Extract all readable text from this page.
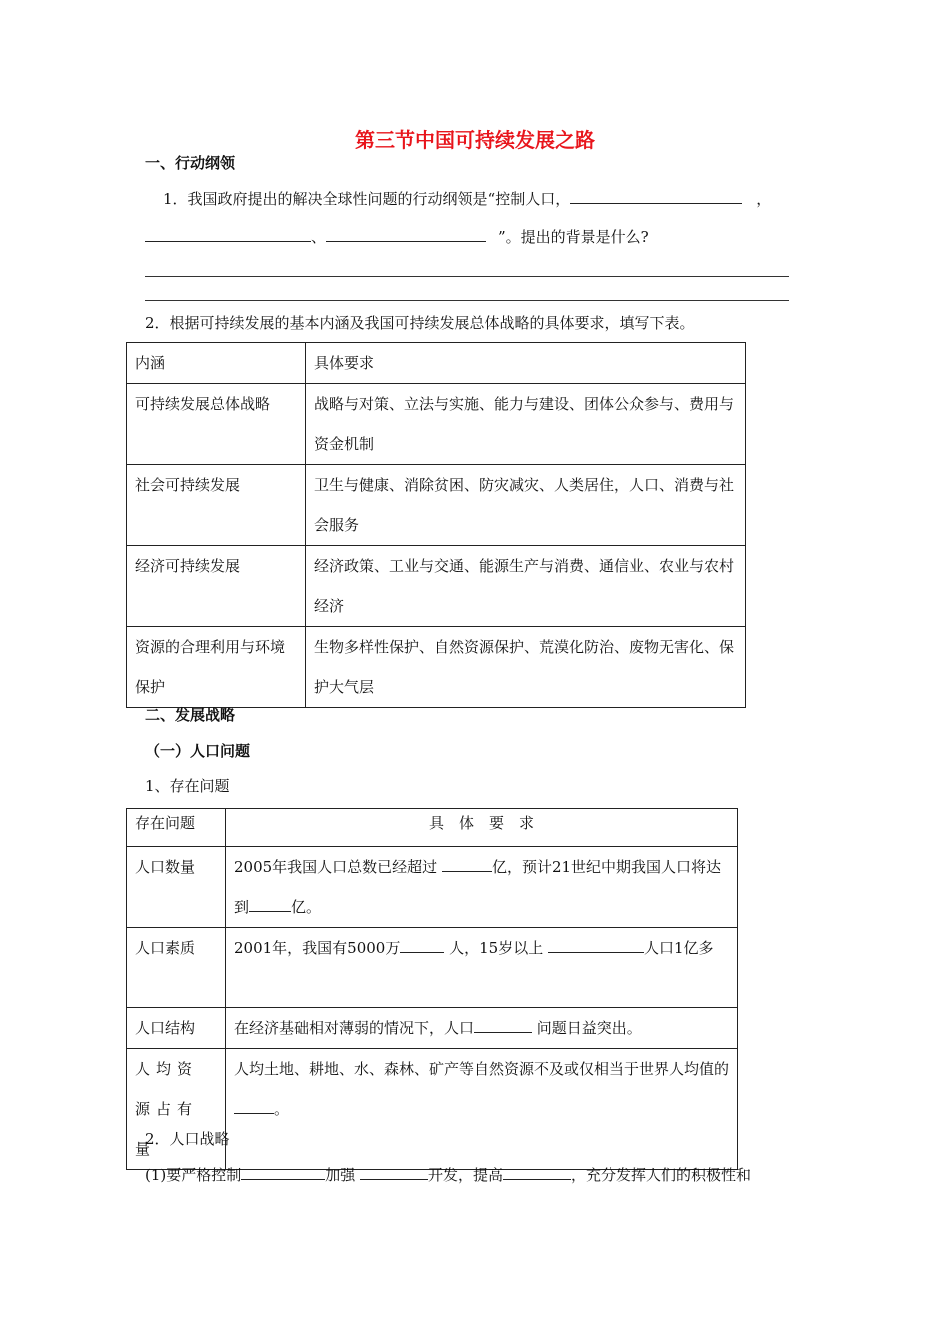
第三节中国可持续发展之路
一、行动纲领
1．我国政府提出的解决全球性问题的行动纲领是“控制人口，	，
、	”。提出的背景是什么?
2．根据可持续发展的基本内涵及我国可持续发展总体战略的具体要求，填写下表。
内涵	具体要求
可持续发展总体战略	战略与对策、立法与实施、能力与建设、团体公众参与、费用与资金机制
社会可持续发展	卫生与健康、消除贫困、防灾减灾、人类居住，人口、消费与社会服务
经济可持续发展	经济政策、工业与交通、能源生产与消费、通信业、农业与农村经济
资源的合理利用与环境保护	生物多样性保护、自然资源保护、荒漠化防治、废物无害化、保护大气层
二、发展战略
（一）人口问题
1、存在问题
存在问题	具　体　要　求
人口数量	2005年我国人口总数已经超过 亿，预计21世纪中期我国人口将达到 亿。
人口素质	2001年，我国有5000万 人，15岁以上 人口1亿多
人口结构	在经济基础相对薄弱的情况下，人口 问题日益突出。
人均资源占有量	人均土地、耕地、水、森林、矿产等自然资源不及或仅相当于世界人均值的。
2．人口战略
(1)要严格控制	加强	开发，提高	，充分发挥人们的积极性和
